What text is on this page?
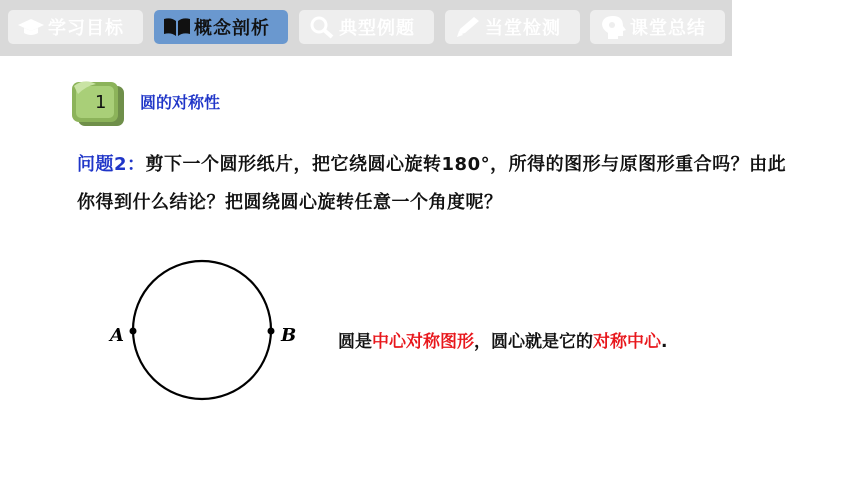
学习目标	概念剖析	典型例题	当堂检测	课堂总结
1 圆的对称性
问题2：剪下一个圆形纸片，把它绕圆心旋转180°，所得的图形与原图形重合吗？由此你得到什么结论？把圆绕圆心旋转任意一个角度呢？
A	B 圆是中心对称图形，圆心就是它的对称中心.
